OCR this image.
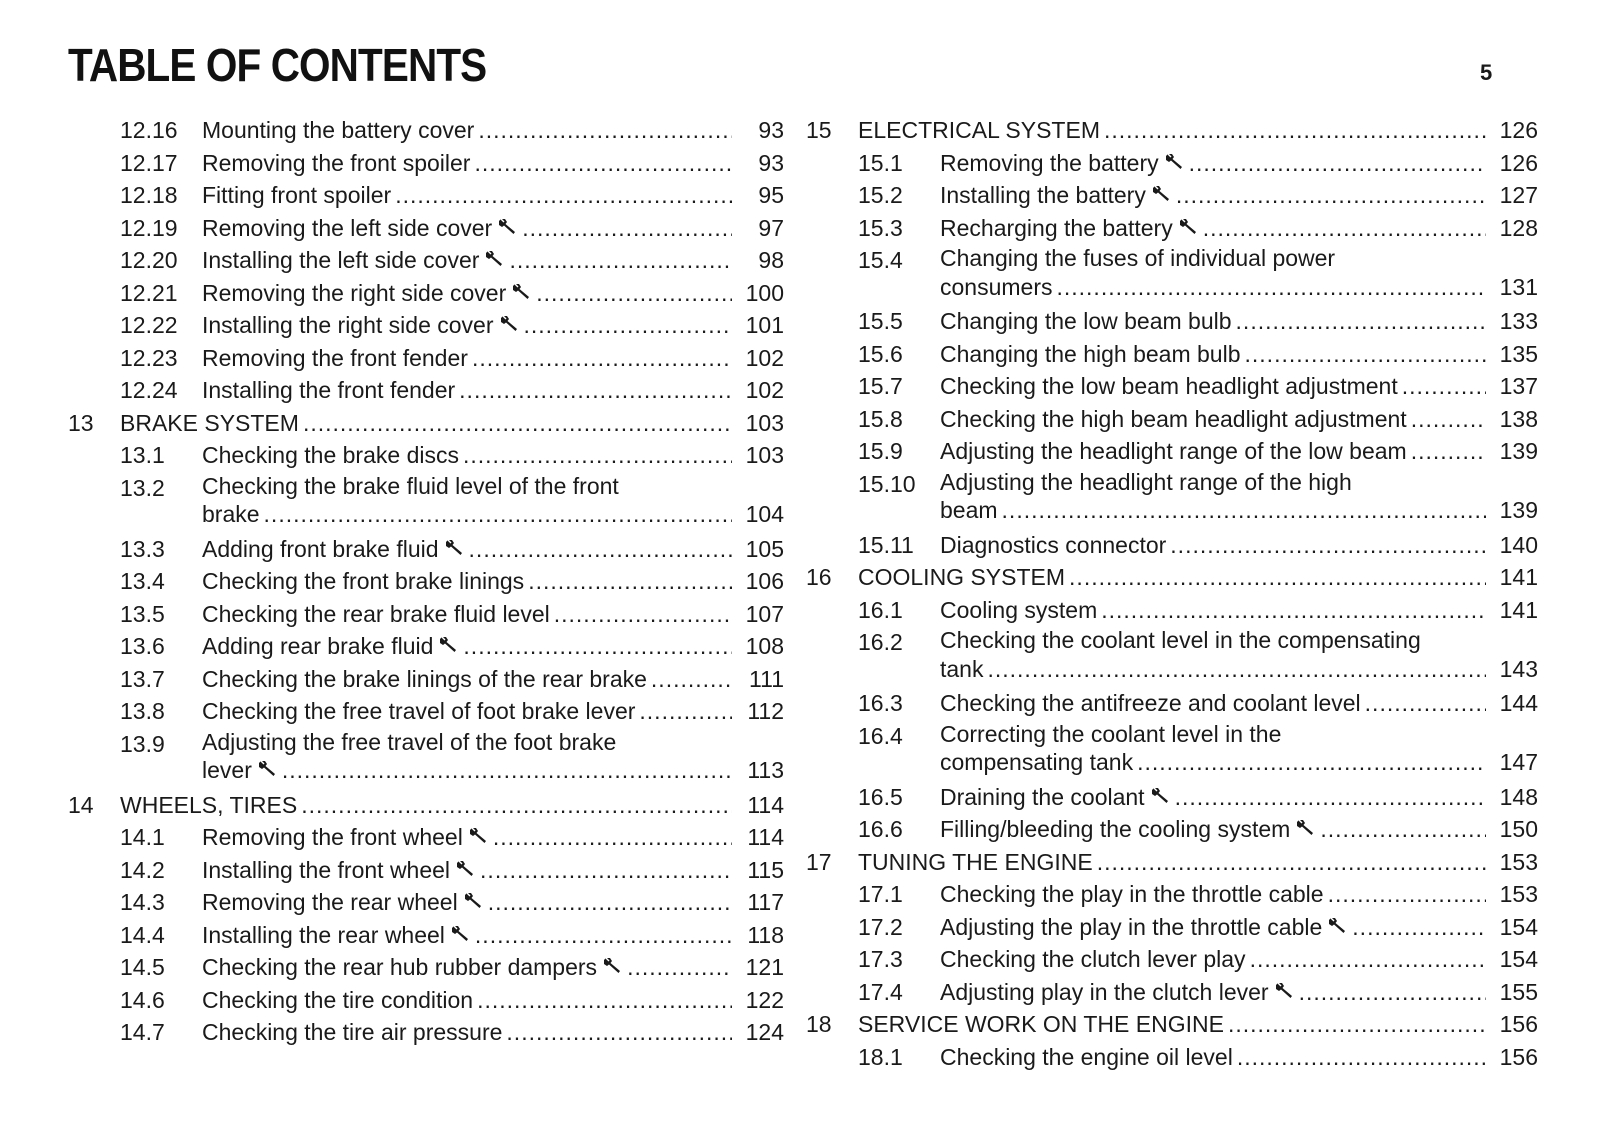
TABLE OF CONTENTS	5
12.16 Mounting the battery cover .....	93
12.17 Removing the front spoiler .....	93
12.18 Fitting front spoiler .....	95
12.19 Removing the left side cover .....	97
12.20 Installing the left side cover .....	98
12.21 Removing the right side cover .....	100
12.22 Installing the right side cover .....	101
12.23 Removing the front fender .....	102
12.24 Installing the front fender .....	102
13 BRAKE SYSTEM .....	103
13.1 Checking the brake discs .....	103
13.2 Checking the brake fluid level of the front
brake .....	104
13.3 Adding front brake fluid .....	105
13.4 Checking the front brake linings .....	106
13.5 Checking the rear brake fluid level .....	107
13.6 Adding rear brake fluid .....	108
13.7 Checking the brake linings of the rear brake .....	111
13.8 Checking the free travel of foot brake lever .....	112
13.9 Adjusting the free travel of the foot brake
lever .....	113
14 WHEELS, TIRES .....	114
14.1 Removing the front wheel .....	114
14.2 Installing the front wheel .....	115
14.3 Removing the rear wheel .....	117
14.4 Installing the rear wheel .....	118
14.5 Checking the rear hub rubber dampers .....	121
14.6 Checking the tire condition .....	122
14.7 Checking the tire air pressure .....	124
15 ELECTRICAL SYSTEM .....	126
15.1 Removing the battery .....	126
15.2 Installing the battery .....	127
15.3 Recharging the battery .....	128
15.4 Changing the fuses of individual power
consumers .....	131
15.5 Changing the low beam bulb .....	133
15.6 Changing the high beam bulb .....	135
15.7 Checking the low beam headlight adjustment .....	137
15.8 Checking the high beam headlight adjustment .....	138
15.9 Adjusting the headlight range of the low beam .....	139
15.10 Adjusting the headlight range of the high
beam .....	139
15.11 Diagnostics connector .....	140
16 COOLING SYSTEM .....	141
16.1 Cooling system .....	141
16.2 Checking the coolant level in the compensating
tank .....	143
16.3 Checking the antifreeze and coolant level .....	144
16.4 Correcting the coolant level in the
compensating tank .....	147
16.5 Draining the coolant .....	148
16.6 Filling/bleeding the cooling system .....	150
17 TUNING THE ENGINE .....	153
17.1 Checking the play in the throttle cable .....	153
17.2 Adjusting the play in the throttle cable .....	154
17.3 Checking the clutch lever play .....	154
17.4 Adjusting play in the clutch lever .....	155
18 SERVICE WORK ON THE ENGINE .....	156
18.1 Checking the engine oil level .....	156
